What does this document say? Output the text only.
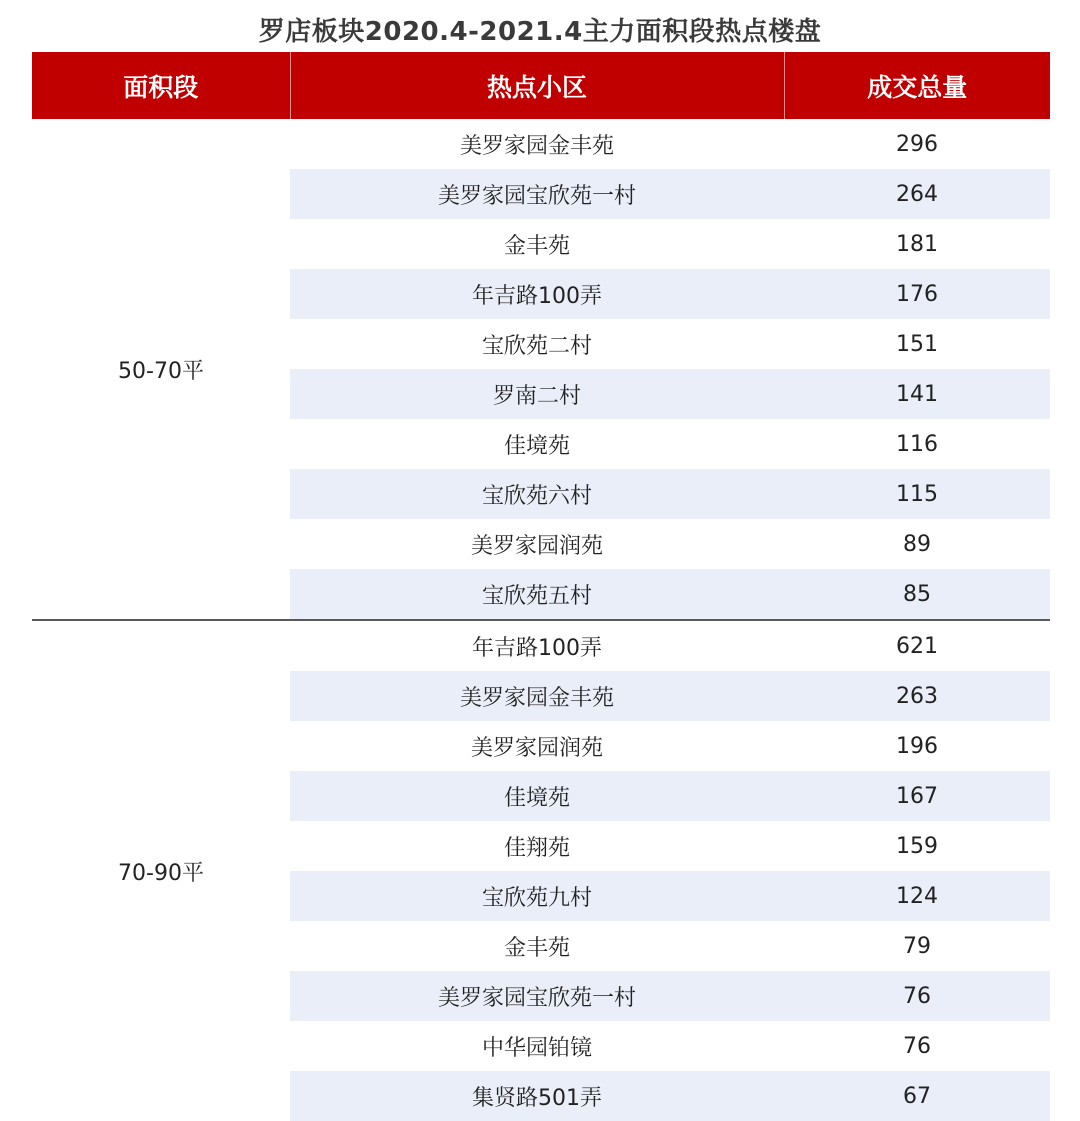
罗店板块2020.4-2021.4主力面积段热点楼盘
面积段	热点小区	成交总量
50-70平	美罗家园金丰苑	296
	美罗家园宝欣苑一村	264
	金丰苑	181
	年吉路100弄	176
	宝欣苑二村	151
	罗南二村	141
	佳境苑	116
	宝欣苑六村	115
	美罗家园润苑	89
	宝欣苑五村	85
70-90平	年吉路100弄	621
	美罗家园金丰苑	263
	美罗家园润苑	196
	佳境苑	167
	佳翔苑	159
	宝欣苑九村	124
	金丰苑	79
	美罗家园宝欣苑一村	76
	中华园铂镜	76
	集贤路501弄	67
